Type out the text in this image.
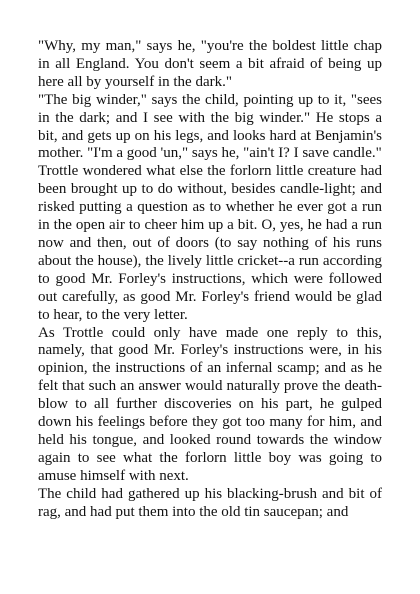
"Why, my man," says he, "you're the boldest little chap in all England. You don't seem a bit afraid of being up here all by yourself in the dark."

"The big winder," says the child, pointing up to it, "sees in the dark; and I see with the big winder." He stops a bit, and gets up on his legs, and looks hard at Benjamin's mother. "I'm a good 'un," says he, "ain't I? I save candle."

Trottle wondered what else the forlorn little creature had been brought up to do without, besides candle-light; and risked putting a question as to whether he ever got a run in the open air to cheer him up a bit. O, yes, he had a run now and then, out of doors (to say nothing of his runs about the house), the lively little cricket--a run according to good Mr. Forley's instructions, which were followed out carefully, as good Mr. Forley's friend would be glad to hear, to the very letter.

As Trottle could only have made one reply to this, namely, that good Mr. Forley's instructions were, in his opinion, the instructions of an infernal scamp; and as he felt that such an answer would naturally prove the death-blow to all further discoveries on his part, he gulped down his feelings before they got too many for him, and held his tongue, and looked round towards the window again to see what the forlorn little boy was going to amuse himself with next.

The child had gathered up his blacking-brush and bit of rag, and had put them into the old tin saucepan; and
